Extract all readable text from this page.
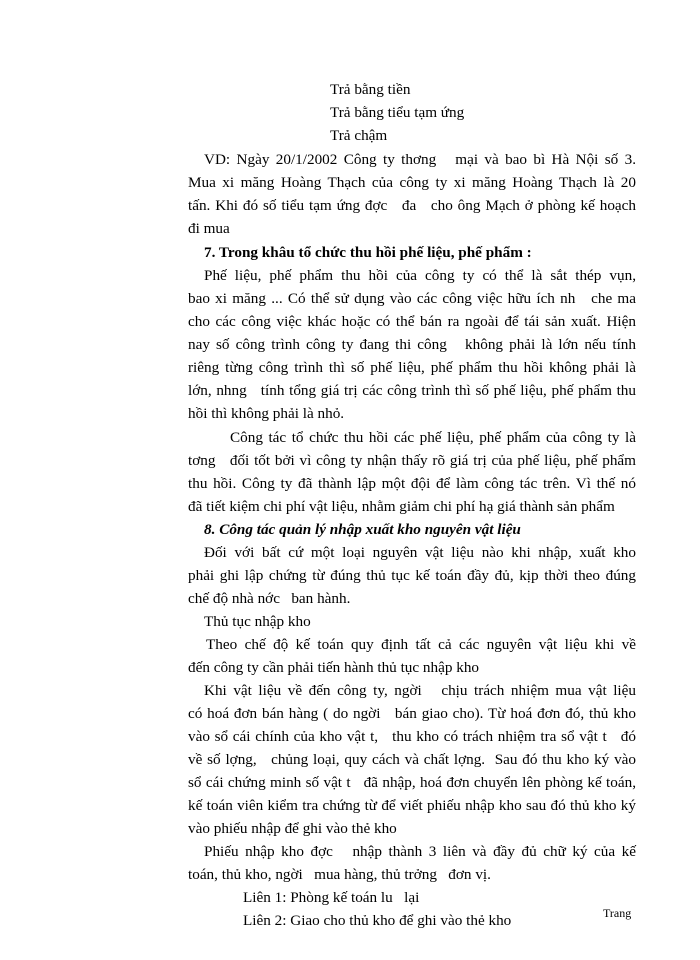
Trả bằng tiền
Trả bằng tiểu tạm ứng
Trả chậm
VD: Ngày 20/1/2002 Công ty thơng   mại và bao bì Hà Nội số 3.
Mua xi măng Hoàng Thạch của công ty xi măng Hoàng Thạch là 20
tấn. Khi đó số tiểu tạm ứng đợc   đa   cho ông Mạch ở phòng kế hoạch
đi mua
7. Trong khâu tổ chức thu hồi phế liệu, phế phẩm :
Phế liệu, phế phẩm thu hồi của công ty có thể là sắt thép vụn,
bao xi măng ... Có thể sử dụng vào các công việc hữu ích nh   che ma
cho các công việc khác hoặc có thể bán ra ngoài để tái sản xuất. Hiện
nay số công trình công ty đang thi công   không phải là lớn nếu tính
riêng từng công trình thì số phế liệu, phế phẩm thu hồi không phải là
lớn, nhng   tính tổng giá trị các công trình thì số phế liệu, phế phẩm thu
hồi thì không phải là nhỏ.
Công tác tổ chức thu hồi các phế liệu, phế phẩm của công ty là
tơng   đối tốt bởi vì công ty nhận thấy rõ giá trị của phế liệu, phế phẩm
thu hồi. Công ty đã thành lập một đội để làm công tác trên. Vì thế nó
đã tiết kiệm chi phí vật liệu, nhằm giảm chi phí hạ giá thành sản phẩm
8. Công tác quản lý nhập xuất kho nguyên vật liệu
Đối với bất cứ một loại nguyên vật liệu nào khi nhập, xuất kho
phải ghi lập chứng từ đúng thủ tục kế toán đầy đủ, kịp thời theo đúng
chế độ nhà nớc   ban hành.
Thủ tục nhập kho
Theo chế độ kế toán quy định tất cả các nguyên vật liệu khi về
đến công ty cần phải tiến hành thủ tục nhập kho
Khi vật liệu về đến công ty, ngời   chịu trách nhiệm mua vật liệu
có hoá đơn bán hàng ( do ngời   bán giao cho). Từ hoá đơn đó, thủ kho
vào sổ cái chính của kho vật t,   thu kho có trách nhiệm tra sổ vật t   đó
về số lợng,   chủng loại, quy cách và chất lợng.  Sau đó thu kho ký vào
sổ cái chứng minh số vật t   đã nhập, hoá đơn chuyển lên phòng kế toán,
kế toán viên kiểm tra chứng từ để viết phiếu nhập kho sau đó thủ kho ký
vào phiếu nhập để ghi vào thẻ kho
Phiếu nhập kho đợc   nhập thành 3 liên và đầy đủ chữ ký của kế
toán, thủ kho, ngời   mua hàng, thủ trởng   đơn vị.
Liên 1: Phòng kế toán lu   lại
Liên 2: Giao cho thủ kho để ghi vào thẻ kho	Trang
